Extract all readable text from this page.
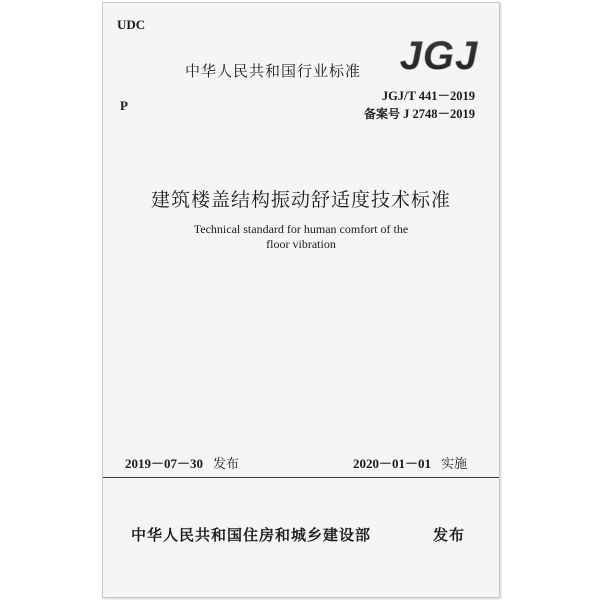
UDC
P
中华人民共和国行业标准 JGJ
JGJ/T 441－2019
备案号 J 2748－2019
建筑楼盖结构振动舒适度技术标准
Technical standard for human comfort of the
floor vibration
2019－07－30 发布	2020－01－01 实施
中华人民共和国住房和城乡建设部	发布
